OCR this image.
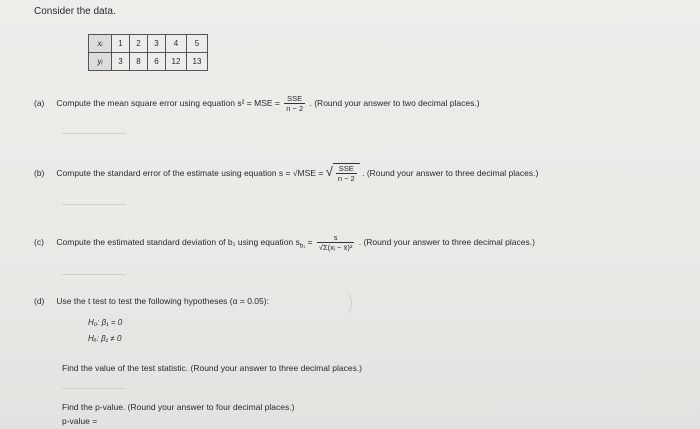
Consider the data.
xᵢ	1	2	3	4	5
yᵢ	3	8	6	12	13
(a) Compute the mean square error using equation s² = MSE = $\frac{\text{SSE}}{n - 2}$ . (Round your answer to two decimal places.)
(b) Compute the standard error of the estimate using equation s = √MSE = √ $\frac{\text{SSE}}{n - 2}$ . (Round your answer to three decimal places.)
(c) Compute the estimated standard deviation of b₁ using equation $s_{b_1} = \frac{s}{\text{√Σ(xᵢ − x̄)²}}$ . (Round your answer to three decimal places.)
(d) Use the t test to test the following hypotheses (α = 0.05):
H₀: β₁ = 0
Hₐ: β₁ ≠ 0
Find the value of the test statistic. (Round your answer to three decimal places.)
Find the p-value. (Round your answer to four decimal places.)
p-value =
